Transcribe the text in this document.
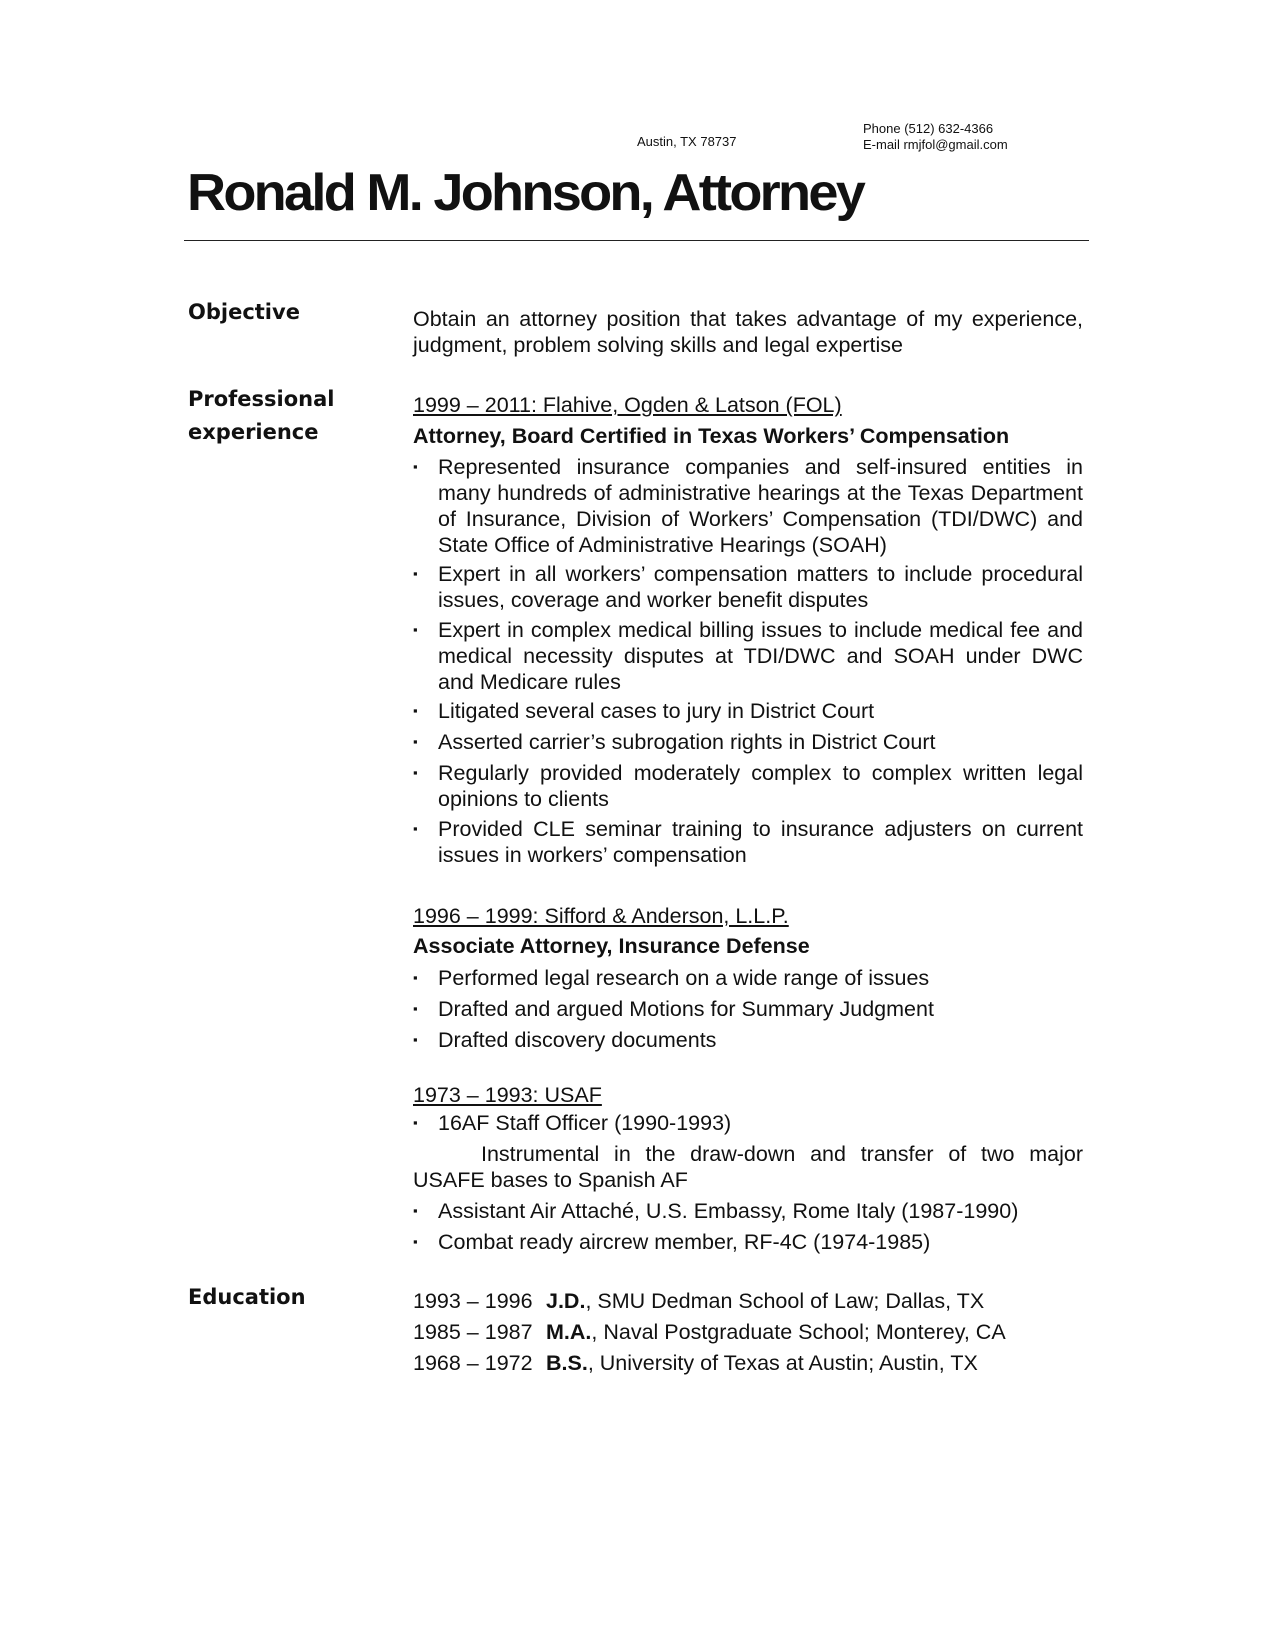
Austin, TX 78737
Phone (512) 632-4366
E-mail rmjfol@gmail.com
Ronald M. Johnson, Attorney
Objective	Obtain an attorney position that takes advantage of my experience, judgment, problem solving skills and legal expertise
Professional
experience
1999 – 2011: Flahive, Ogden & Latson (FOL)
Attorney, Board Certified in Texas Workers’ Compensation
▪ Represented insurance companies and self-insured entities in many hundreds of administrative hearings at the Texas Department of Insurance, Division of Workers’ Compensation (TDI/DWC) and State Office of Administrative Hearings (SOAH)
▪ Expert in all workers’ compensation matters to include procedural issues, coverage and worker benefit disputes
▪ Expert in complex medical billing issues to include medical fee and medical necessity disputes at TDI/DWC and SOAH under DWC and Medicare rules
▪ Litigated several cases to jury in District Court
▪ Asserted carrier’s subrogation rights in District Court
▪ Regularly provided moderately complex to complex written legal opinions to clients
▪ Provided CLE seminar training to insurance adjusters on current issues in workers’ compensation
1996 – 1999: Sifford & Anderson, L.L.P.
Associate Attorney, Insurance Defense
▪ Performed legal research on a wide range of issues
▪ Drafted and argued Motions for Summary Judgment
▪ Drafted discovery documents
1973 – 1993: USAF
▪ 16AF Staff Officer (1990-1993)
Instrumental in the draw-down and transfer of two major USAFE bases to Spanish AF
▪ Assistant Air Attaché, U.S. Embassy, Rome Italy (1987-1990)
▪ Combat ready aircrew member, RF-4C (1974-1985)
Education	1993 – 1996 J.D., SMU Dedman School of Law; Dallas, TX
1985 – 1987 M.A., Naval Postgraduate School; Monterey, CA
1968 – 1972 B.S., University of Texas at Austin; Austin, TX
